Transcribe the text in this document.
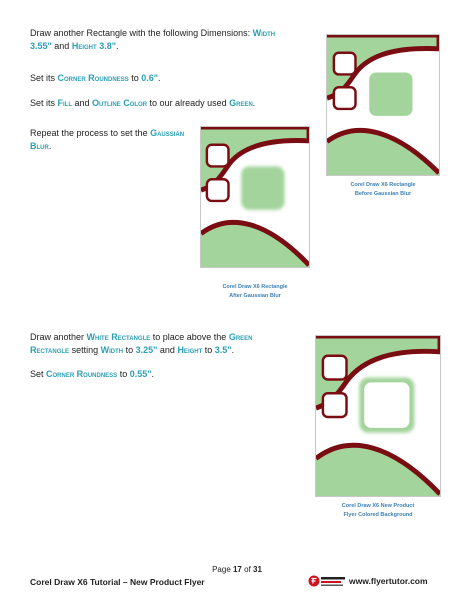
Draw another Rectangle with the following Dimensions: Width 3.55" and Height 3.8".
Set its Corner Roundness to 0.6".
Set its Fill and Outline Color to our already used Green.
Repeat the process to set the Gaussian Blur.
Draw another White Rectangle to place above the Green Rectangle setting Width to 3.25" and Height to 3.5".
Set Corner Roundness to 0.55".
Corel Draw X6 Rectangle
Before Gaussian Blur
Corel Draw X6 Rectangle
After Gaussian Blur
Corel Draw X6 New Product
Flyer Colored Background
Page 17 of 31
Corel Draw X6 Tutorial – New Product Flyer	www.flyertutor.com
